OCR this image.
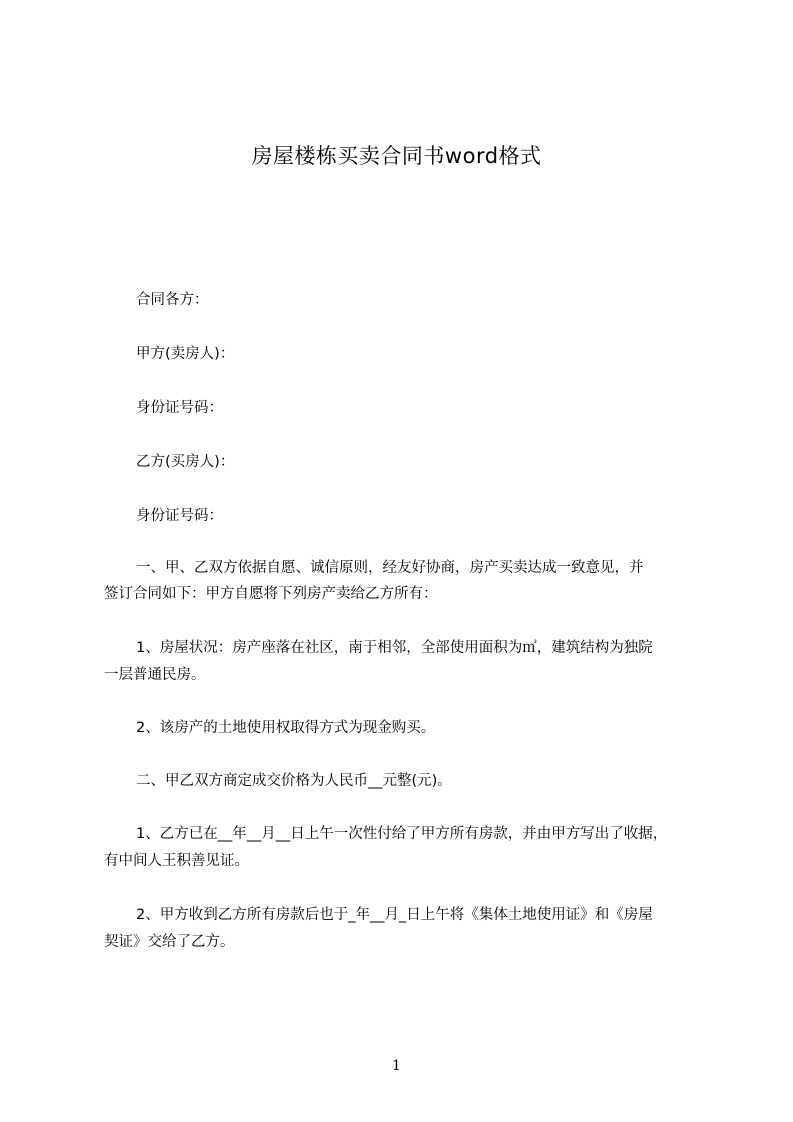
房屋楼栋买卖合同书word格式
合同各方：
甲方(卖房人)：
身份证号码：
乙方(买房人)：
身份证号码：
一、甲、乙双方依据自愿、诚信原则，经友好协商，房产买卖达成一致意见，并
签订合同如下：甲方自愿将下列房产卖给乙方所有：
1、房屋状况：房产座落在社区，南于相邻，全部使用面积为㎡，建筑结构为独院
一层普通民房。
2、该房产的土地使用权取得方式为现金购买。
二、甲乙双方商定成交价格为人民币__元整(元)。
1、乙方已在__年__月__日上午一次性付给了甲方所有房款，并由甲方写出了收据，
有中间人王积善见证。
2、甲方收到乙方所有房款后也于_年__月_日上午将《集体土地使用证》和《房屋
契证》交给了乙方。
1
